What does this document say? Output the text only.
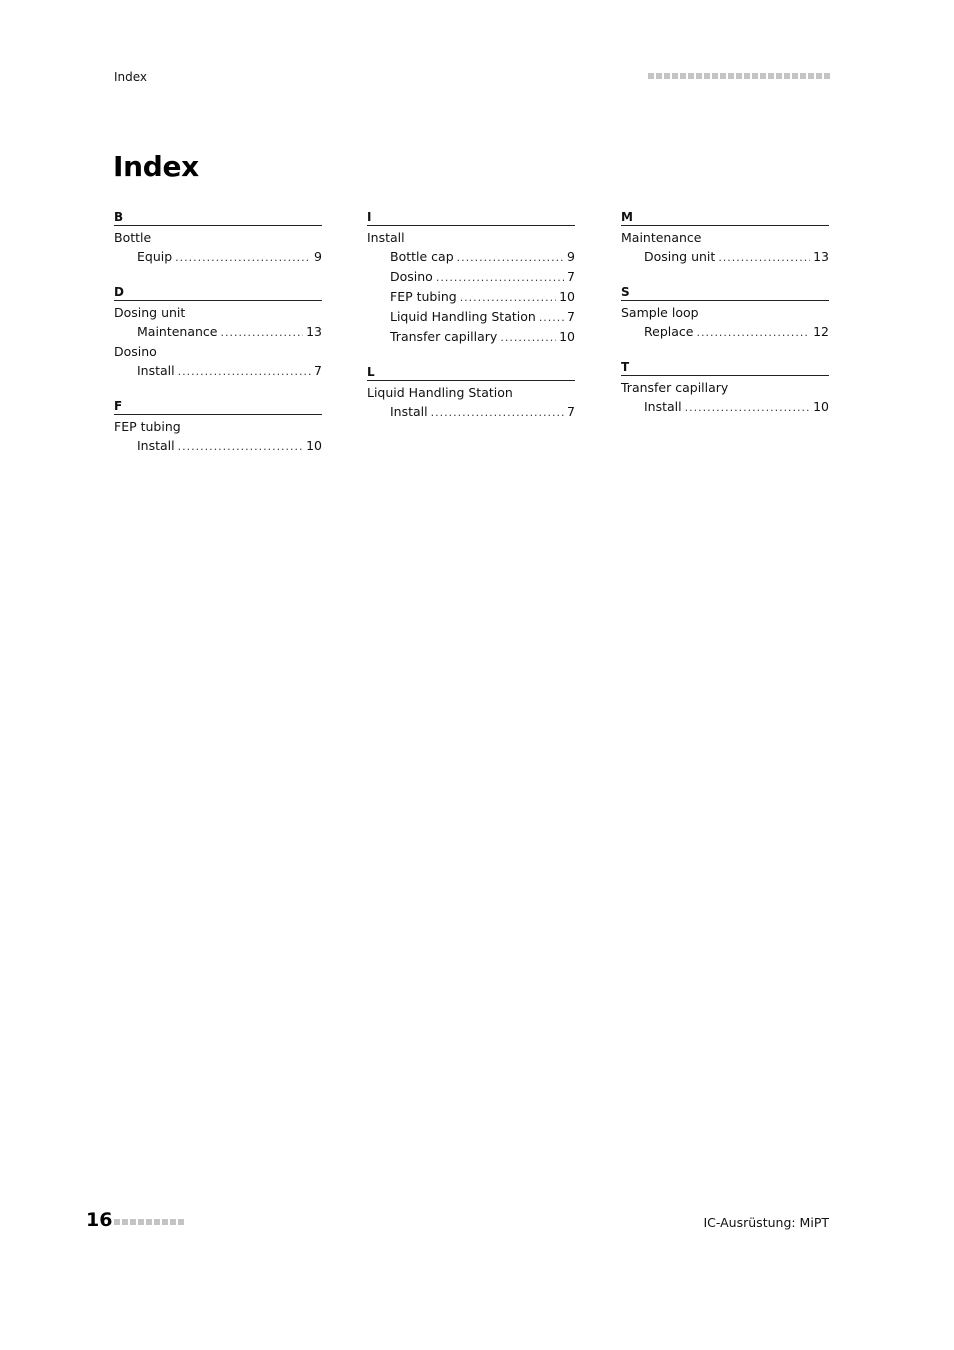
Index
Index
B
Bottle
Equip .....	9
D
Dosing unit
Maintenance .....	13
Dosino
Install .....	7
F
FEP tubing
Install .....	10
I
Install
Bottle cap .....	9
Dosino .....	7
FEP tubing .....	10
Liquid Handling Station ..... 7
Transfer capillary .....	10
L
Liquid Handling Station
Install .....	7
M
Maintenance
Dosing unit .....	13
S
Sample loop
Replace .....	12
T
Transfer capillary
Install .....	10
16	IC-Ausrüstung: MiPT
